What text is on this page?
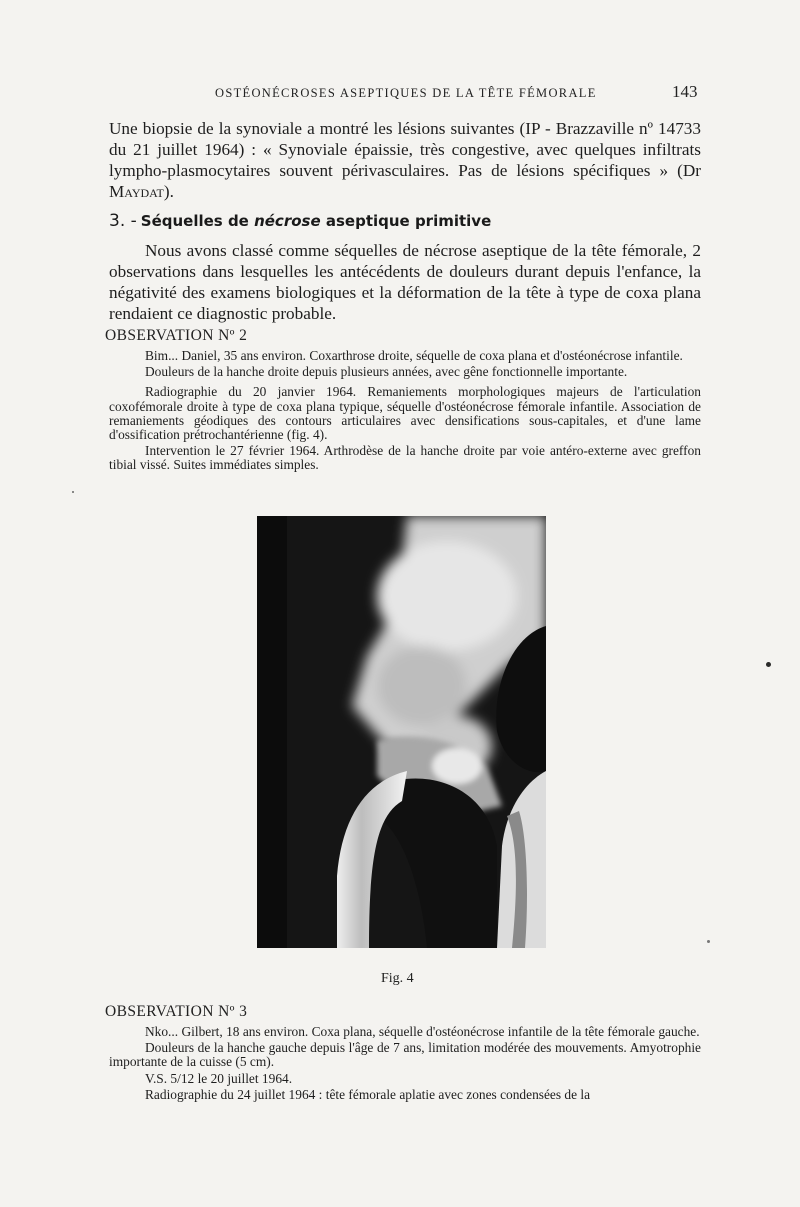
OSTÉONÉCROSES ASEPTIQUES DE LA TÊTE FÉMORALE	143
Une biopsie de la synoviale a montré les lésions suivantes (IP - Brazzaville nº 14733 du 21 juillet 1964) : « Synoviale épaissie, très congestive, avec quelques infiltrats lympho-plasmocytaires souvent périvasculaires. Pas de lésions spécifiques » (Dr Maydat).
3. - Séquelles de nécrose aseptique primitive
Nous avons classé comme séquelles de nécrose aseptique de la tête fémorale, 2 observations dans lesquelles les antécédents de douleurs durant depuis l'enfance, la négativité des examens biologiques et la déformation de la tête à type de coxa plana rendaient ce diagnostic probable.
OBSERVATION Nº 2
Bim... Daniel, 35 ans environ. Coxarthrose droite, séquelle de coxa plana et d'ostéonécrose infantile.
Douleurs de la hanche droite depuis plusieurs années, avec gêne fonctionnelle importante.
Radiographie du 20 janvier 1964. Remaniements morphologiques majeurs de l'articulation coxofémorale droite à type de coxa plana typique, séquelle d'ostéonécrose fémorale infantile. Association de remaniements géodiques des contours articulaires avec densifications sous-capitales, et d'une lame d'ossification prétrochantérienne (fig. 4).
Intervention le 27 février 1964. Arthrodèse de la hanche droite par voie antéro-externe avec greffon tibial vissé. Suites immédiates simples.
Fig. 4
OBSERVATION Nº 3
Nko... Gilbert, 18 ans environ. Coxa plana, séquelle d'ostéonécrose infantile de la tête fémorale gauche.
Douleurs de la hanche gauche depuis l'âge de 7 ans, limitation modérée des mouvements. Amyotrophie importante de la cuisse (5 cm).
V.S. 5/12 le 20 juillet 1964.
Radiographie du 24 juillet 1964 : tête fémorale aplatie avec zones condensées de la
